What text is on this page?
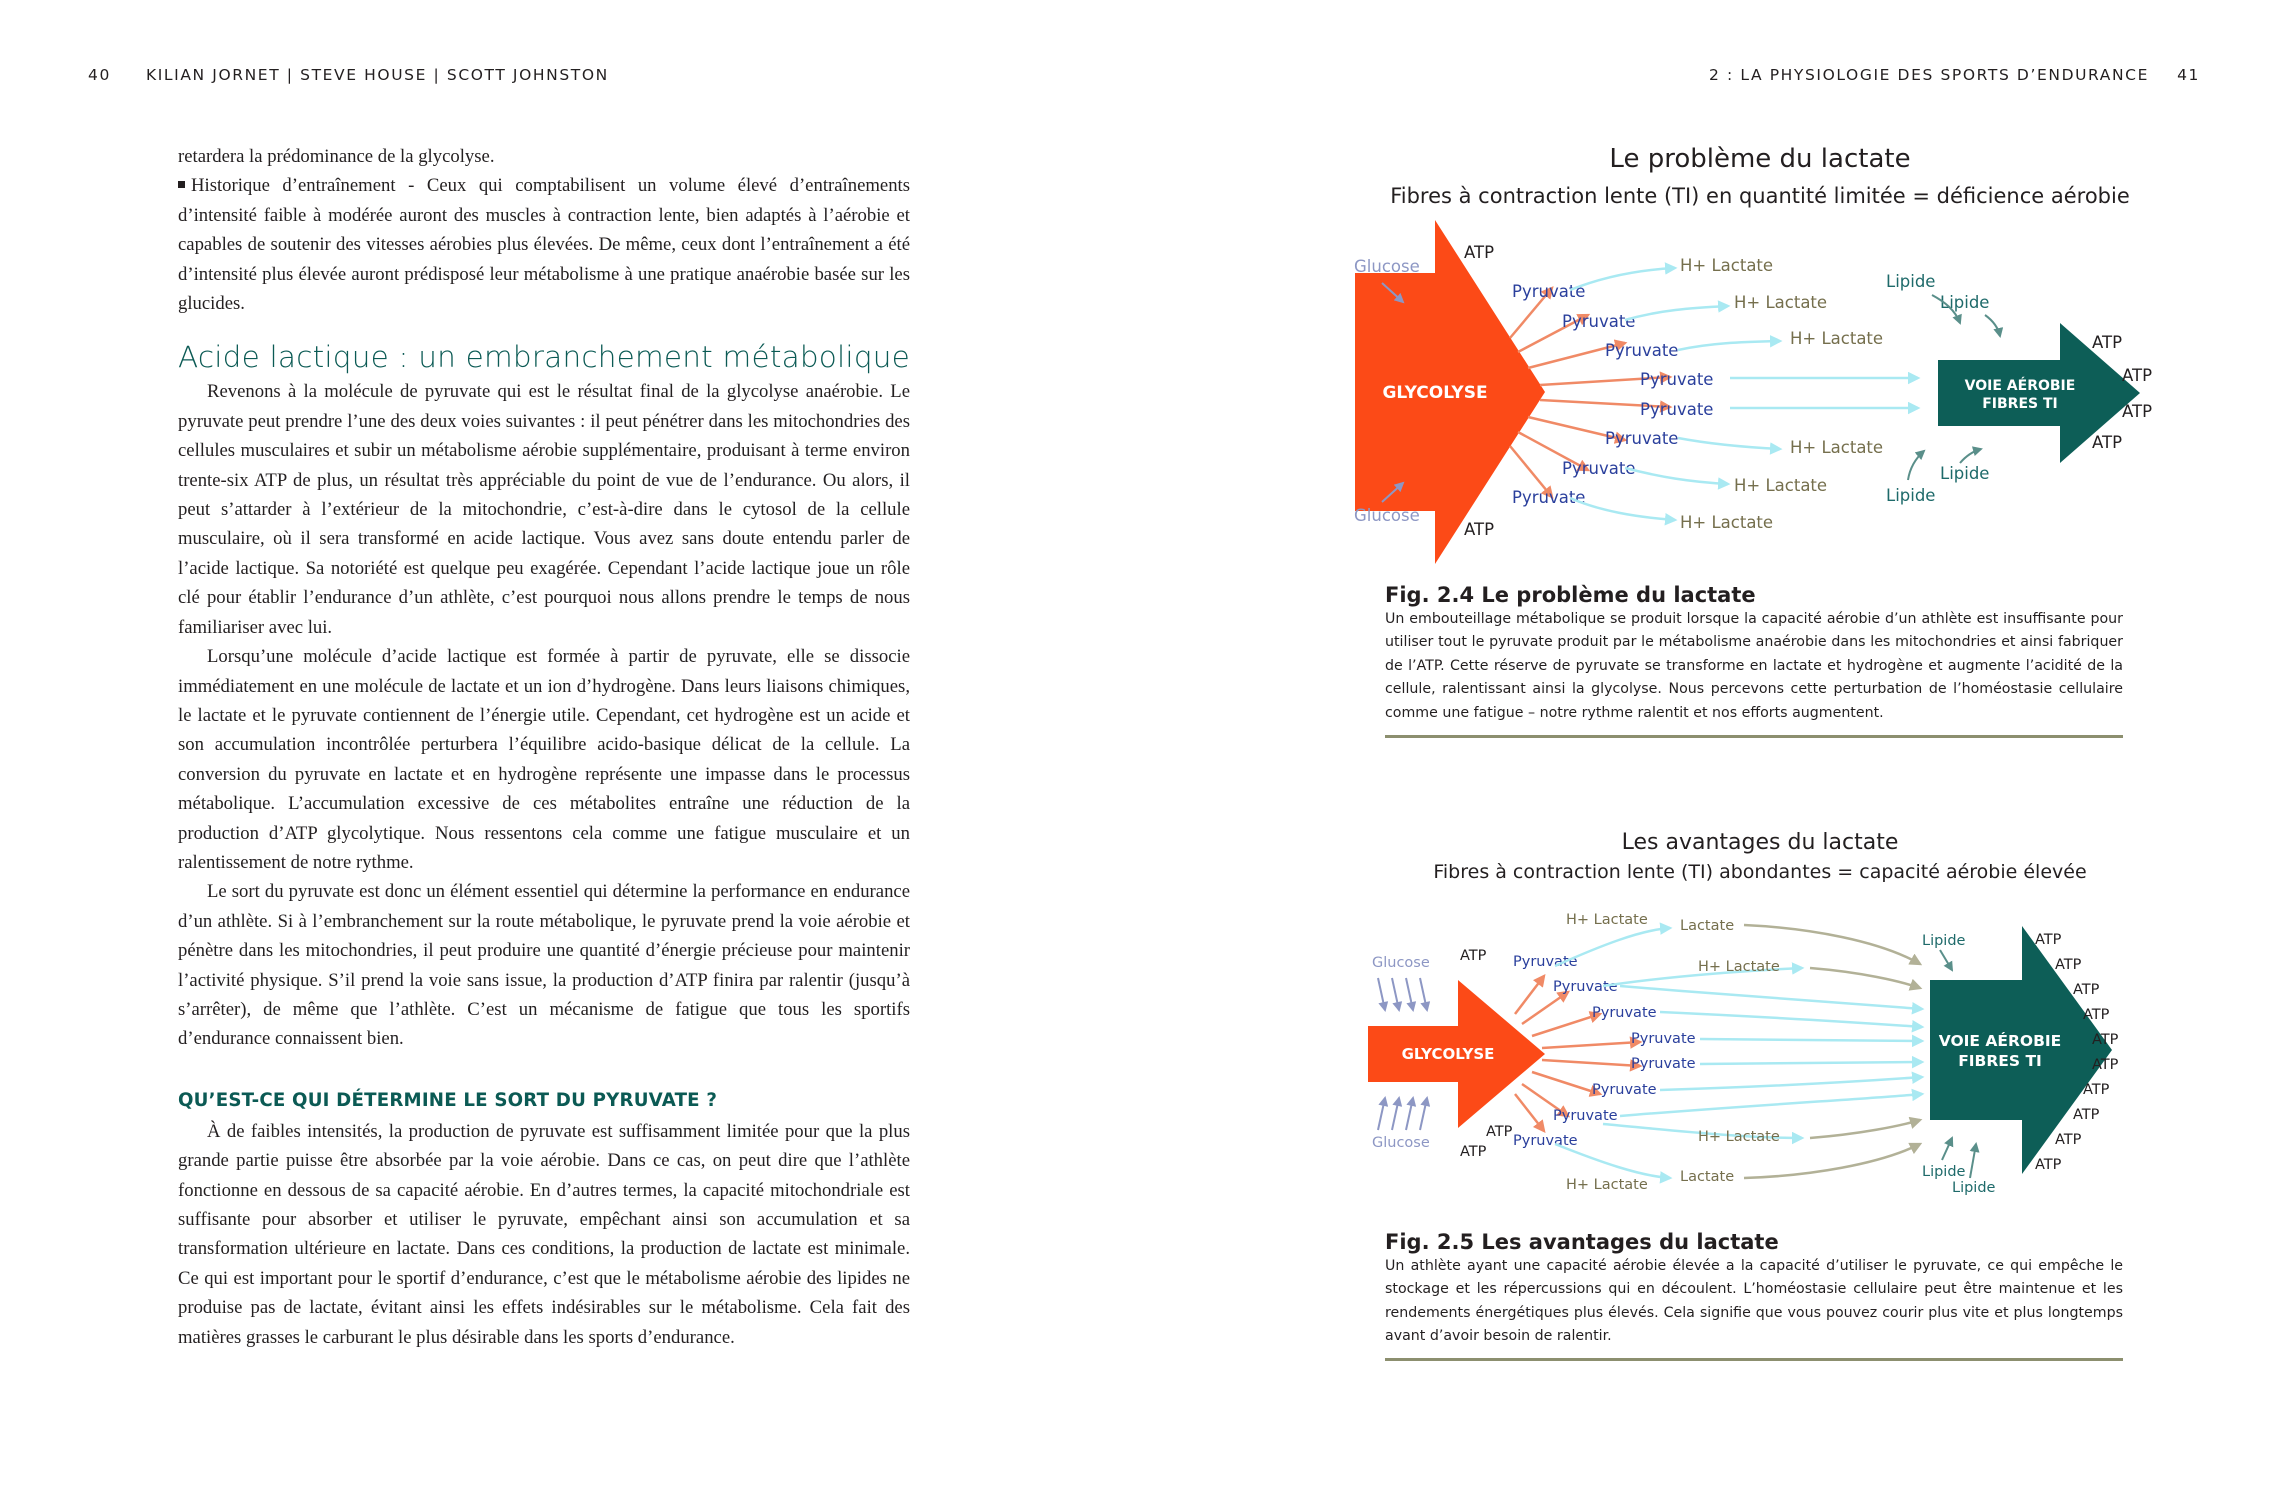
40 KILIAN JORNET | STEVE HOUSE | SCOTT JOHNSTON	2 : LA PHYSIOLOGIE DES SPORTS D’ENDURANCE 41

retardera la prédominance de la glycolyse.

Historique d’entraînement - Ceux qui comptabilisent un volume élevé d’entraînements d’intensité faible à modérée auront des muscles à contraction lente, bien adaptés à l’aérobie et capables de soutenir des vitesses aérobies plus élevées. De même, ceux dont l’entraînement a été d’intensité plus élevée auront prédisposé leur métabolisme à une pratique anaérobie basée sur les glucides.

Acide lactique : un embranchement métabolique

Revenons à la molécule de pyruvate qui est le résultat final de la glycolyse anaérobie. Le pyruvate peut prendre l’une des deux voies suivantes : il peut pénétrer dans les mitochondries des cellules musculaires et subir un métabolisme aérobie supplémentaire, produisant à terme environ trente-six ATP de plus, un résultat très appréciable du point de vue de l’endurance. Ou alors, il peut s’attarder à l’extérieur de la mitochondrie, c’est-à-dire dans le cytosol de la cellule musculaire, où il sera transformé en acide lactique. Vous avez sans doute entendu parler de l’acide lactique. Sa notoriété est quelque peu exagérée. Cependant l’acide lactique joue un rôle clé pour établir l’endurance d’un athlète, c’est pourquoi nous allons prendre le temps de nous familiariser avec lui.

Lorsqu’une molécule d’acide lactique est formée à partir de pyruvate, elle se dissocie immédiatement en une molécule de lactate et un ion d’hydrogène. Dans leurs liaisons chimiques, le lactate et le pyruvate contiennent de l’énergie utile. Cependant, cet hydrogène est un acide et son accumulation incontrôlée perturbera l’équilibre acido-basique délicat de la cellule. La conversion du pyruvate en lactate et en hydrogène représente une impasse dans le processus métabolique. L’accumulation excessive de ces métabolites entraîne une réduction de la production d’ATP glycolytique. Nous ressentons cela comme une fatigue musculaire et un ralentissement de notre rythme.

Le sort du pyruvate est donc un élément essentiel qui détermine la performance en endurance d’un athlète. Si à l’embranchement sur la route métabolique, le pyruvate prend la voie aérobie et pénètre dans les mitochondries, il peut produire une quantité d’énergie précieuse pour maintenir l’activité physique. S’il prend la voie sans issue, la production d’ATP finira par ralentir (jusqu’à s’arrêter), de même que l’athlète. C’est un mécanisme de fatigue que tous les sportifs d’endurance connaissent bien.

QU’EST-CE QUI DÉTERMINE LE SORT DU PYRUVATE ?

À de faibles intensités, la production de pyruvate est suffisamment limitée pour que la plus grande partie puisse être absorbée par la voie aérobie. Dans ce cas, on peut dire que l’athlète fonctionne en dessous de sa capacité aérobie. En d’autres termes, la capacité mitochondriale est suffisante pour absorber et utiliser le pyruvate, empêchant ainsi son accumulation et sa transformation ultérieure en lactate. Dans ces conditions, la production de lactate est minimale. Ce qui est important pour le sportif d’endurance, c’est que le métabolisme aérobie des lipides ne produise pas de lactate, évitant ainsi les effets indésirables sur le métabolisme. Cela fait des matières grasses le carburant le plus désirable dans les sports d’endurance.

Le problème du lactate
Fibres à contraction lente (TI) en quantité limitée = déficience aérobie
GLYCOLYSE
Glucose
Glucose
ATP
ATP
Pyruvate
Pyruvate
Pyruvate
Pyruvate
Pyruvate
Pyruvate
Pyruvate
Pyruvate
H+ Lactate
H+ Lactate
H+ Lactate
H+ Lactate
H+ Lactate
H+ Lactate
Lipide
Lipide
Lipide
Lipide
VOIE AÉROBIE
FIBRES TI
ATP
ATP
ATP
ATP
Fig. 2.4 Le problème du lactate
Un embouteillage métabolique se produit lorsque la capacité aérobie d’un athlète est insuffisante pour utiliser tout le pyruvate produit par le métabolisme anaérobie dans les mitochondries et ainsi fabriquer de l’ATP. Cette réserve de pyruvate se transforme en lactate et hydrogène et augmente l’acidité de la cellule, ralentissant ainsi la glycolyse. Nous percevons cette perturbation de l’homéostasie cellulaire comme une fatigue – notre rythme ralentit et nos efforts augmentent.
Les avantages du lactate
Fibres à contraction lente (TI) abondantes = capacité aérobie élevée
GLYCOLYSE
Glucose
Glucose
ATP
ATP
ATP
Pyruvate
Pyruvate
Pyruvate
Pyruvate
Pyruvate
Pyruvate
Pyruvate
Pyruvate
H+ Lactate Lactate
H+ Lactate
H+ Lactate
Lactate
H+ Lactate
Lipide
Lipide
Lipide
VOIE AÉROBIE
FIBRES TI
ATP
ATP
ATP
ATP
ATP
ATP
ATP
ATP
ATP
ATP
Fig. 2.5 Les avantages du lactate
Un athlète ayant une capacité aérobie élevée a la capacité d’utiliser le pyruvate, ce qui empêche le stockage et les répercussions qui en découlent. L’homéostasie cellulaire peut être maintenue et les rendements énergétiques plus élevés. Cela signifie que vous pouvez courir plus vite et plus longtemps avant d’avoir besoin de ralentir.
